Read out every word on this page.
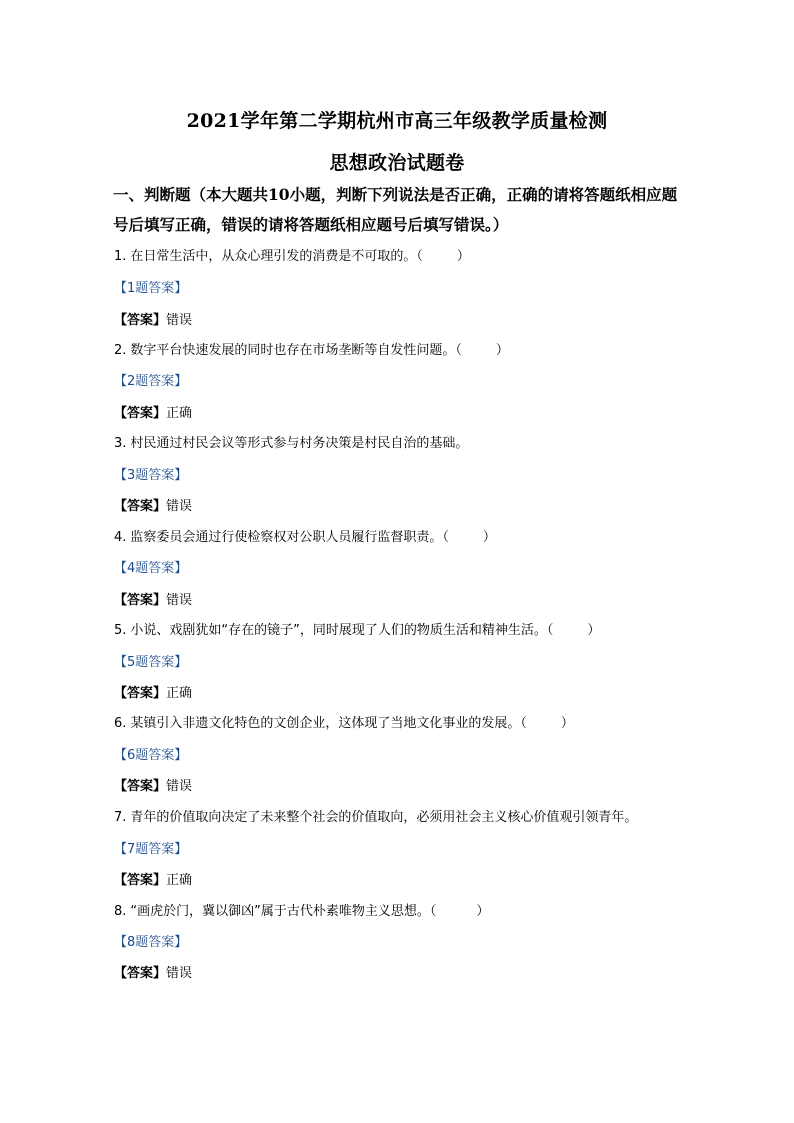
2021学年第二学期杭州市高三年级教学质量检测
思想政治试题卷
一、判断题（本大题共10小题，判断下列说法是否正确，正确的请将答题纸相应题
号后填写正确，错误的请将答题纸相应题号后填写错误。）
1. 在日常生活中，从众心理引发的消费是不可取的。（	）
【1题答案】
【答案】错误
2. 数字平台快速发展的同时也存在市场垄断等自发性问题。（	）
【2题答案】
【答案】正确
3. 村民通过村民会议等形式参与村务决策是村民自治的基础。
【3题答案】
【答案】错误
4. 监察委员会通过行使检察权对公职人员履行监督职责。（	）
【4题答案】
【答案】错误
5. 小说、戏剧犹如“存在的镜子”，同时展现了人们的物质生活和精神生活。（	）
【5题答案】
【答案】正确
6. 某镇引入非遗文化特色的文创企业，这体现了当地文化事业的发展。（	）
【6题答案】
【答案】错误
7. 青年的价值取向决定了未来整个社会的价值取向，必须用社会主义核心价值观引领青年。
【7题答案】
【答案】正确
8. “画虎於门，冀以御凶”属于古代朴素唯物主义思想。（	）
【8题答案】
【答案】错误
